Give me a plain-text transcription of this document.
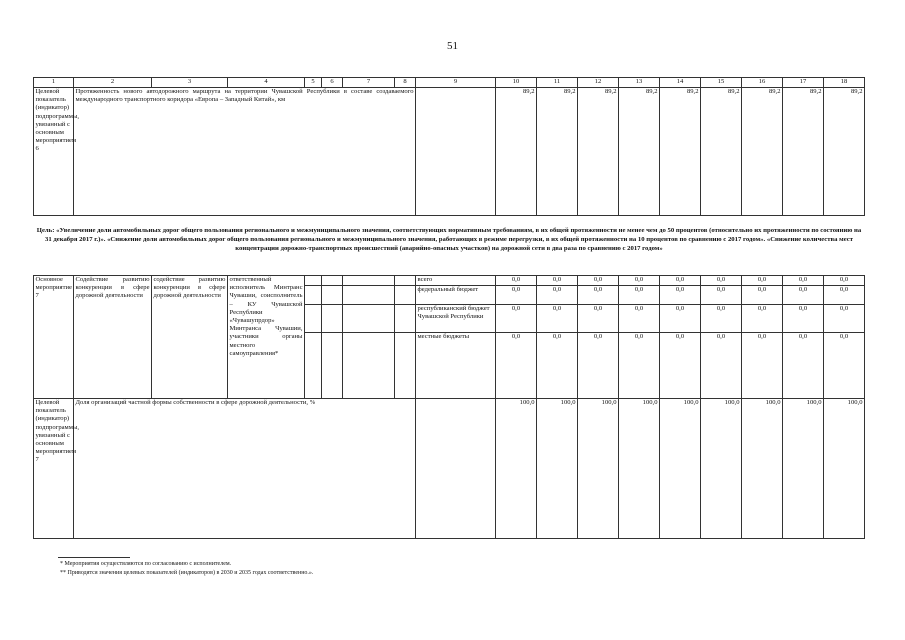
51
1	2	3	4	5	6	7	8	9	10	11	12	13	14	15	16	17	18
Целевой показатель (индикатор) подпрограммы, увязанный с основным мероприятием 6	Протяженность нового автодорожного маршрута на территории Чувашской Республики в составе создаваемого международного транспортного коридора «Европа – Западный Китай», км								89,2	89,2	89,2	89,2	89,2	89,2	89,2	89,2	89,2
Цель: «Увеличение доли автомобильных дорог общего пользования регионального и межмуниципального значения, соответствующих нормативным требованиям, в их общей протяженности не менее чем до 50 процентов (относительно их протяженности по состоянию на 31 декабря 2017 г.)». «Снижение доли автомобильных дорог общего пользования регионального и межмуниципального значения, работающих в режиме перегрузки, в их общей протяженности на 10 процентов по сравнению с 2017 годом». «Снижение количества мест концентрации дорожно-транспортных происшествий (аварийно-опасных участков) на дорожной сети в два раза по сравнению с 2017 годом»
Основное мероприятие 7	Содействие развитию конкуренции в сфере дорожной деятельности	содействие развитию конкуренции в сфере дорожной деятельности	ответственный исполнитель Минтранс Чувашии, соисполнитель – КУ Чувашской Республики «Чувашупрдор» Минтранса Чувашии, участники органы местного самоуправления*					всего	0,0	0,0	0,0	0,0	0,0	0,0	0,0	0,0	0,0
								федеральный бюджет	0,0	0,0	0,0	0,0	0,0	0,0	0,0	0,0	0,0
								республиканский бюджет Чувашской Республики	0,0	0,0	0,0	0,0	0,0	0,0	0,0	0,0	0,0
								местные бюджеты	0,0	0,0	0,0	0,0	0,0	0,0	0,0	0,0	0,0
Целевой показатель (индикатор) подпрограммы, увязанный с основным мероприятием 7	Доля организаций частной формы собственности в сфере дорожной деятельности, %								100,0	100,0	100,0	100,0	100,0	100,0	100,0	100,0	100,0
* Мероприятия осуществляются по согласованию с исполнителем.
** Приводятся значения целевых показателей (индикаторов) в 2030 и 2035 годах соответственно.».
